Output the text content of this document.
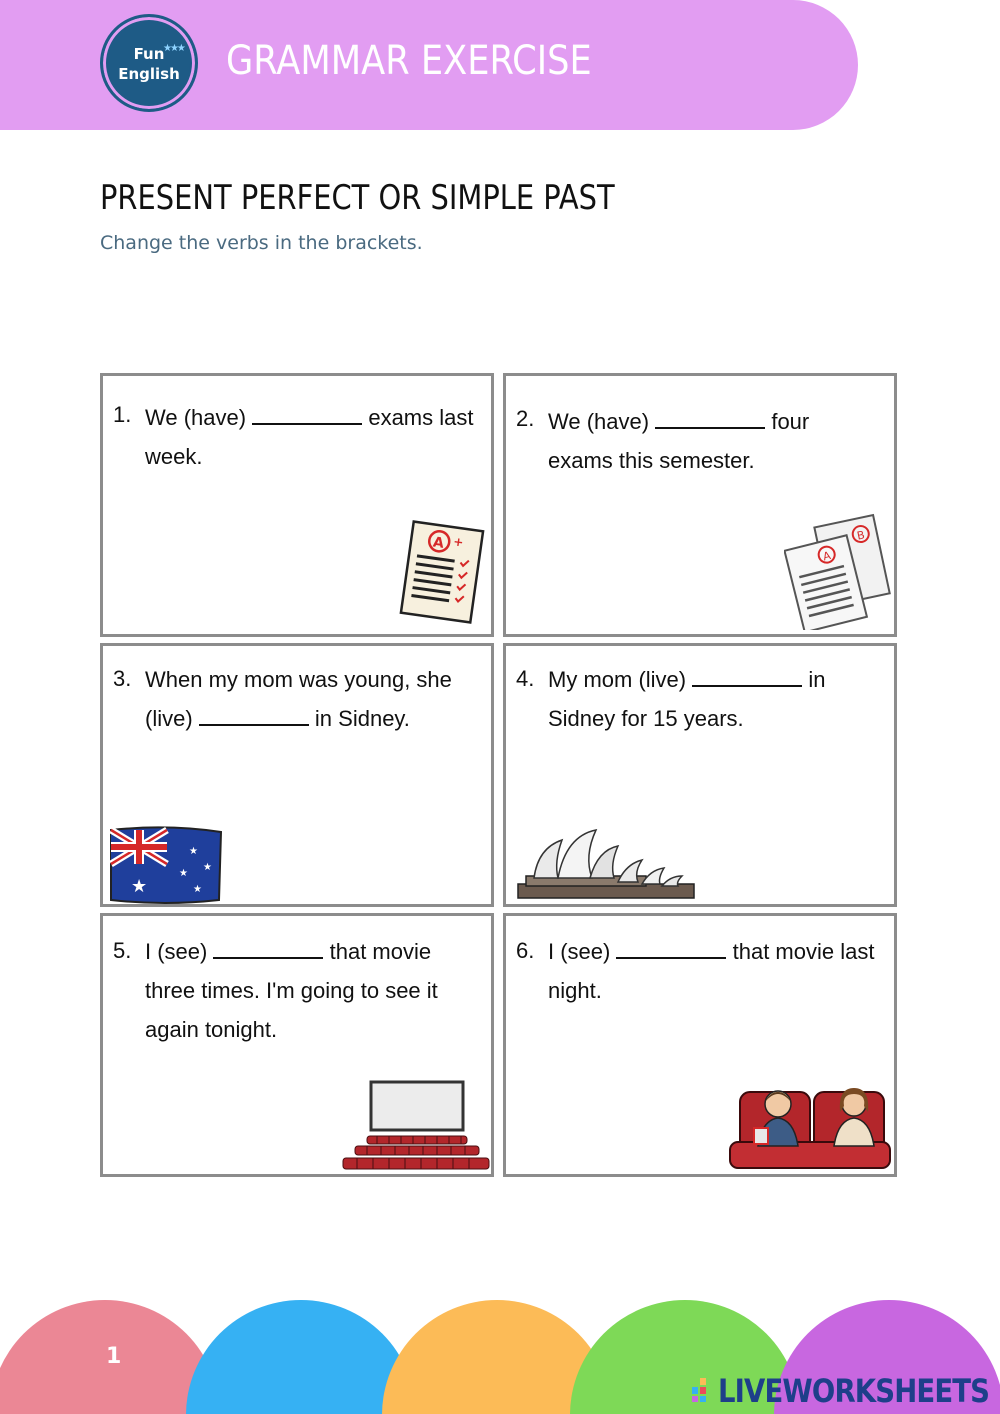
Fun
★★★
English	GRAMMAR EXERCISE
PRESENT PERFECT OR SIMPLE PAST
Change the verbs in the brackets.
1. We (have)	exams last week.
A +
2. We (have)	four exams this semester.
B
A
3. When my mom was young, she (live)	in Sidney.
★
★
★
★
★
4. My mom (live)	in Sidney for 15 years.
5. I (see)	that movie three times. I'm going to see it again tonight.
6. I (see)	that movie last night.
1
LIVEWORKSHEETS
